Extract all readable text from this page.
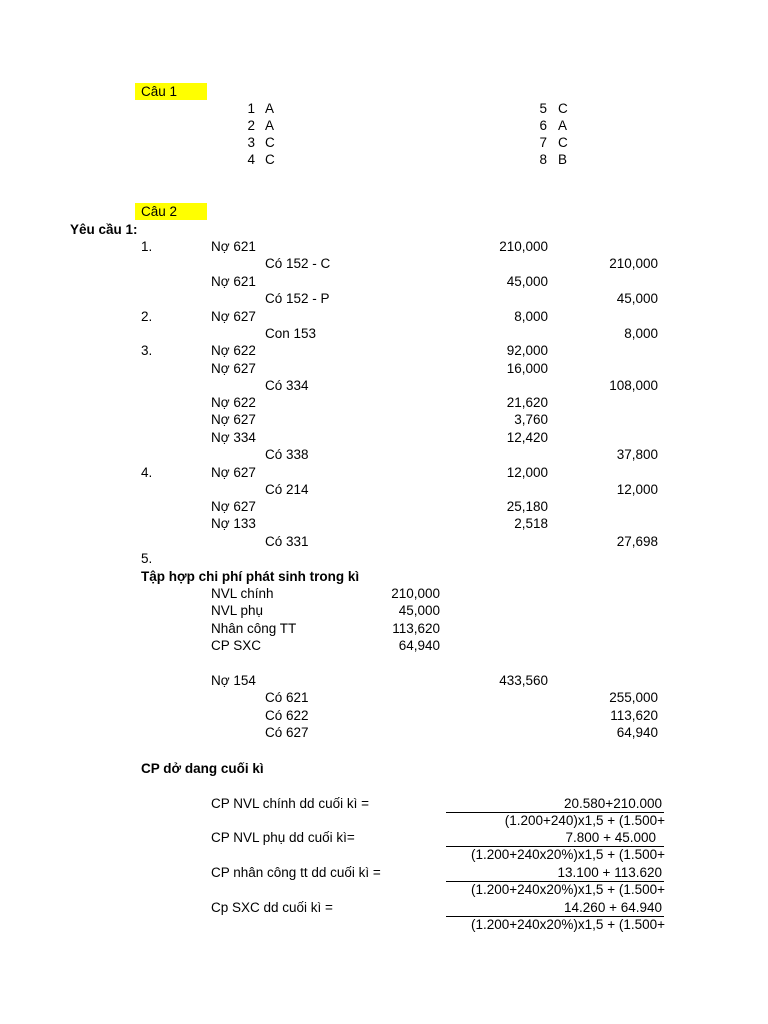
Câu 1
1 A
2 A
3 C
4 C
5 C
6 A
7 C
8 B
Câu 2
Yêu cầu 1:
1.	Nợ 621	210,000
Có 152 - C	210,000
Nợ 621	45,000
Có 152 - P	45,000
2.	Nợ 627	8,000
Con 153	8,000
3.	Nợ 622	92,000
Nợ 627	16,000
Có 334	108,000
Nợ 622	21,620
Nợ 627	3,760
Nợ 334	12,420
Có 338	37,800
4.	Nợ 627	12,000
Có 214	12,000
Nợ 627	25,180
Nợ 133	2,518
Có 331	27,698
5.
Tập hợp chi phí phát sinh trong kì
NVL chính	210,000
NVL phụ	45,000
Nhân công TT	113,620
CP SXC	64,940
Nợ 154	433,560
Có 621	255,000
Có 622	113,620
Có 627	64,940
CP dở dang cuối kì
CP NVL chính dd cuối kì =	20.580+210.000
(1.200+240)x1,5 + (1.500+
CP NVL phụ dd cuối kì=	7.800 + 45.000
(1.200+240x20%)x1,5 + (1.500+
CP nhân công tt dd cuối kì =	13.100 + 113.620
(1.200+240x20%)x1,5 + (1.500+
Cp SXC dd cuối kì =	14.260 + 64.940
(1.200+240x20%)x1,5 + (1.500+
